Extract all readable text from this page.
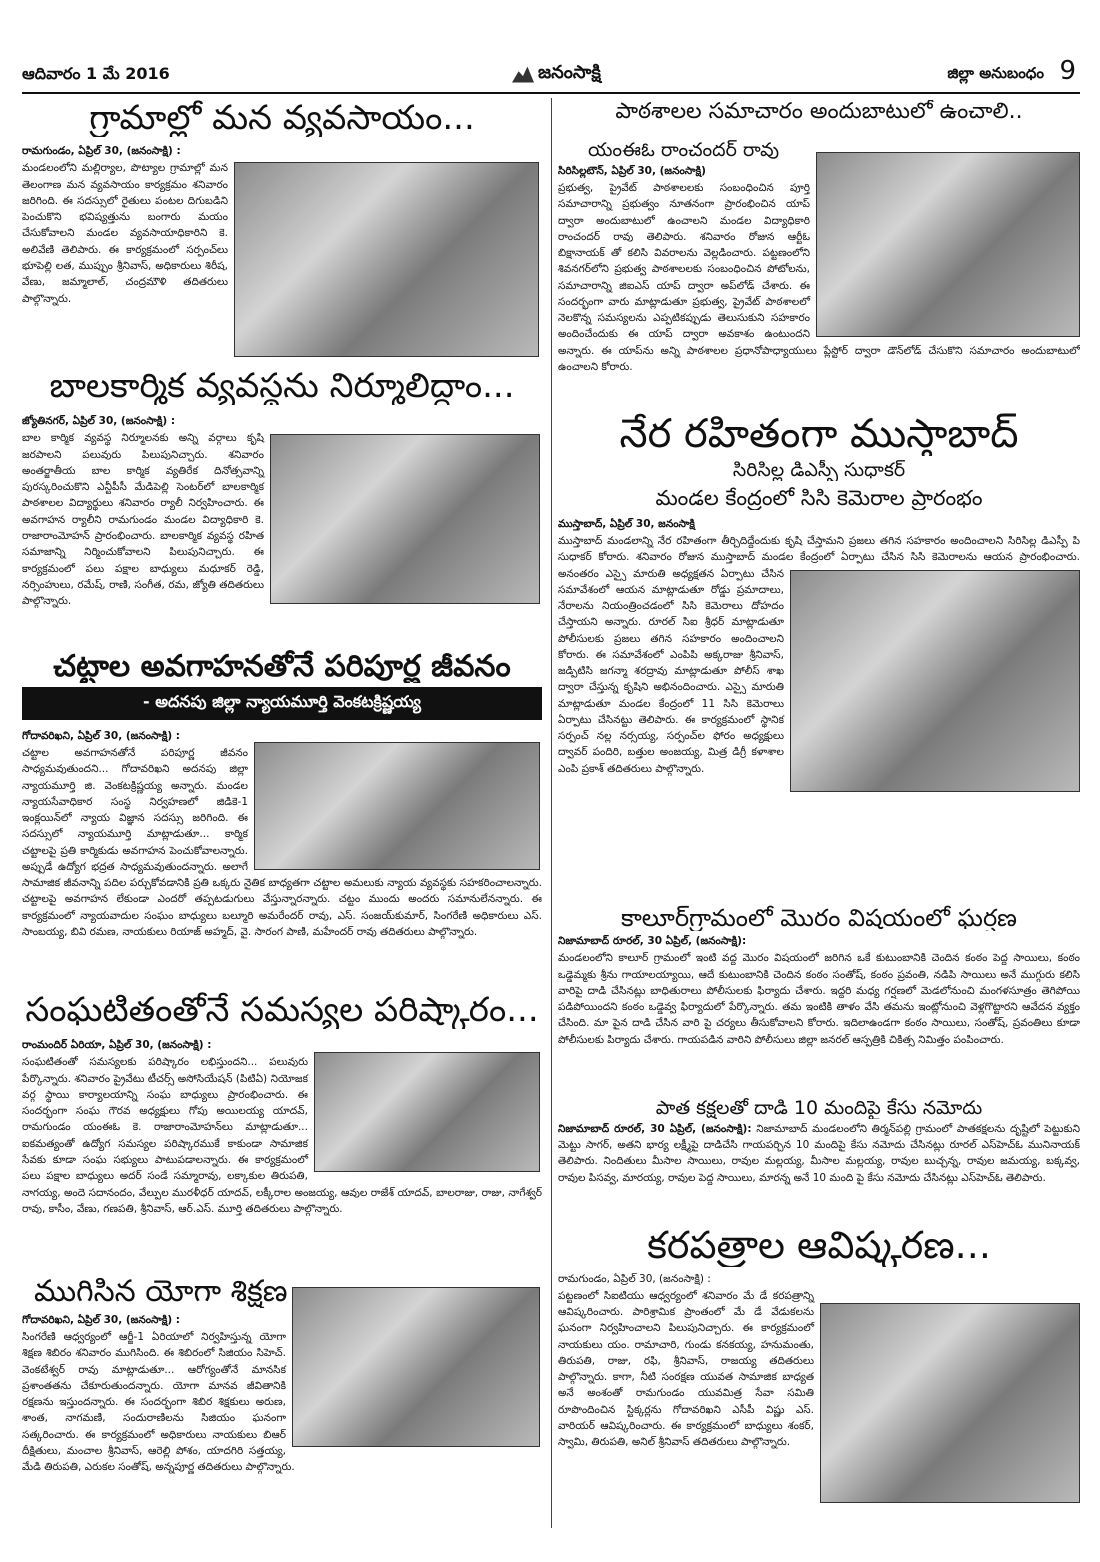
ఆదివారం 1 మే 2016	జనంసాక్షి	జిల్లా అనుబంధం 9
గ్రామాల్లో మన వ్యవసాయం...
రామగుండం, ఏప్రిల్ 30, (జనంసాక్షి) :
మండలంలోని మల్లిర్యాల, పొట్యాల గ్రామాల్లో మన తెలంగాణ మన వ్యవసాయం కార్యక్రమం శనివారం జరిగింది. ఈ సదస్సులో రైతులు పంటల దిగుబడిని పెంచుకొని భవిష్యత్తును బంగారు మయం చేసుకోవాలని మండల వ్యవసాయాధికారిని కె. అలివేణి తెలిపారు. ఈ కార్యక్రమంలో సర్పంచ్‌లు భూపెల్లి లత, ముప్పుం శ్రీనివాస్, అధికారులు శిరీష, వేణు, జమ్మాలాల్, చంద్రమౌళి తదితరులు పాల్గొన్నారు.
బాలకార్మిక వ్యవస్థను నిర్మూలిద్దాం...
జ్యోతినగర్, ఏప్రిల్ 30, (జనంసాక్షి) :
బాల కార్మిక వ్యవస్థ నిర్మూలనకు అన్ని వర్గాలు కృషి జరపాలని పలువురు పిలుపునిచ్చారు. శనివారం అంతర్జాతీయ బాల కార్మిక వ్యతిరేక దినోత్సవాన్ని పురస్కరించుకొని ఎన్టీపీసీ మేడిపెల్లి సెంటర్‌లో బాలకార్మిక పాఠశాలల విద్యార్థులు శనివారం ర్యాలీ నిర్వహించారు. ఈ అవగాహన ర్యాలీని రామగుండం మండల విద్యాధికారి కె. రాజారాంమోహన్ ప్రారంభించారు. బాలకార్మిక వ్యవస్థ రహిత సమాజాన్ని నిర్మించుకోవాలని పిలుపునిచ్చారు. ఈ కార్యక్రమంలో పలు పక్షాల బాధ్యులు మధూకర్ రెడ్డి, నర్సింహులు, రమేష్, రాణి, సంగీత, రమ, జ్యోతి తదితరులు పాల్గొన్నారు.
చట్టాల అవగాహనతోనే పరిపూర్ణ జీవనం
- అదనపు జిల్లా న్యాయమూర్తి వెంకటక్రిష్ణయ్య
గోదావరిఖని, ఏప్రిల్ 30, (జనంసాక్షి) :
చట్టాల అవగాహనతోనే పరిపూర్ణ జీవనం సాధ్యమవుతుందని... గోదావరిఖని అదనపు జిల్లా న్యాయమూర్తి జి. వెంకటక్రిష్ణయ్య అన్నారు. మండల న్యాయసేవాధికార సంస్థ నిర్వహణలో జిడికె-1 ఇంక్లయిన్‌లో న్యాయ విజ్ఞాన సదస్సు జరిగింది. ఈ సదస్సులో న్యాయమూర్తి మాట్లాడుతూ... కార్మిక చట్టాలపై ప్రతి కార్మికుడు అవగాహన పెంచుకోవాలన్నారు. అప్పుడే ఉద్యోగ భద్రత సాధ్యమవుతుందన్నారు. అలాగే సామాజిక జీవనాన్ని పదిల పర్చుకోవడానికి ప్రతి ఒక్కరు నైతిక బాధ్యతగా చట్టాల అమలుకు న్యాయ వ్యవస్థకు సహకరించాలన్నారు. చట్టాలపై అవగాహన లేకుండా ఎందరో తప్పటడుగులు వేస్తున్నారన్నారు. చట్టం ముందు అందరు సమానులేనన్నారు. ఈ కార్యక్రమంలో న్యాయవాదుల సంఘం బాధ్యులు బల్మూరి అమరేందర్ రావు, ఎస్. సంజయ్‌కుమార్, సింగరేణి అధికారులు ఎస్. సాంబయ్య, బివి రమణ, నాయకులు రియాజ్ అహ్మద్, వై. సారంగ పాణి, మహేందర్ రావు తదితరులు పాల్గొన్నారు.
సంఘటితంతోనే సమస్యల పరిష్కారం...
రాంమందిర్ ఏరియా, ఏప్రిల్ 30, (జనంసాక్షి) :
సంఘటితంతో సమస్యలకు పరిష్కారం లభిస్తుందని... పలువురు పేర్కొన్నారు. శనివారం ప్రైవేటు టీచర్స్ అసోసియేషన్ (పిటిఏ) నియోజక వర్గ స్థాయి కార్యాలయాన్ని సంఘ బాధ్యులు ప్రారంభించారు. ఈ సందర్భంగా సంఘ గౌరవ అధ్యక్షులు గోపు అయిలయ్య యాదవ్, రామగుండం యంఈఓ కె. రాజారాంమోహన్‌లు మాట్లాడుతూ... ఐకమత్యంతో ఉద్యోగ సమస్యల పరిష్కారముకే కాకుండా సామాజిక సేవకు కూడా సంఘ సభ్యులు పాటుపడాలన్నారు. ఈ కార్యక్రమంలో పలు పక్షాల బాధ్యులు అదర్ సండే సమ్మారావు, లక్కాకుల తిరుపతి, నాగయ్య, అందె సదానందం, వేల్పుల మురళీధర్ యాదవ్, లక్కీరాల అంజయ్య, ఆవుల రాజేశ్ యాదవ్, బాలరాజు, రాజు, నాగేశ్వర్ రావు, కాసీం, వేణు, గణపతి, శ్రీనివాస్, ఆర్.ఎస్. మూర్తి తదితరులు పాల్గొన్నారు.
ముగిసిన యోగా శిక్షణ
గోదావరిఖని, ఏప్రిల్ 30, (జనంసాక్షి) :
సింగరేణి ఆధ్వర్యంలో ఆర్జీ-1 ఏరియాలో నిర్వహిస్తున్న యోగా శిక్షణ శిబిరం శనివారం ముగిసింది. ఈ శిబిరంలో సిజియం సిహెచ్. వెంకటేశ్వర్ రావు మాట్లాడుతూ... ఆరోగ్యంతోనే మానసిక ప్రశాంతతను చేకూరుతుందన్నారు. యోగా మానవ జీవితానికి రక్షణను ఇస్తుందన్నారు. ఈ సందర్భంగా శిబిర శిక్షకులు అరుణ, శాంత, నాగమణి, సందురాణిలను సిజియం ఘనంగా సత్కరించారు. ఈ కార్యక్రమంలో అధికారులు నాయకులు బిఆర్ దీక్షితులు, మంచాల శ్రీనివాస్, ఆరెల్లి పోశం, యాదగిరి సత్తయ్య, మేడి తిరుపతి, ఎరుకల సంతోష్, అన్నపూర్ణ తదితరులు పాల్గొన్నారు.
పాఠశాలల సమాచారం అందుబాటులో ఉంచాలి..
యంఈఓ రాంచందర్ రావు
సిరిసిల్లటౌన్, ఏప్రిల్ 30, (జనంసాక్షి)
ప్రభుత్వ, ప్రైవేట్ పాఠశాలలకు సంబంధించిన పూర్తి సమాచారాన్ని ప్రభుత్వం నూతనంగా ప్రారంభించిన యాప్ ద్వారా అందుబాటులో ఉంచాలని మండల విద్యాధికారి రాంచందర్ రావు తెలిపారు. శనివారం రోజున ఆర్టీఓ బిక్షానాయక్ తో కలిసి వివరాలను వెల్లడించారు. పట్టణంలోని శివనగర్‌లోని ప్రభుత్వ పాఠశాలలకు సంబంధించిన పోటోలను, సమాచారాన్ని జిఐఎస్ యాప్ ద్వారా అప్‌లోడ్ చేశారు. ఈ సందర్భంగా వారు మాట్లాడుతూ ప్రభుత్వ, ప్రైవేట్ పాఠశాలలో నెలకొన్న సమస్యలను ఎప్పటికప్పుడు తెలుసుకుని సహకారం అందించేందుకు ఈ యాప్ ద్వారా అవకాశం ఉంటుందని అన్నారు. ఈ యాప్‌ను అన్ని పాఠశాలల ప్రధానోపాధ్యాయులు ప్లేస్టోర్ ద్వారా డౌన్‌లోడ్ చేసుకొని సమాచారం అందుబాటులో ఉంచాలని కోరారు.
నేర రహితంగా ముస్తాబాద్
సిరిసిల్ల డిఎస్పీ సుధాకర్
మండల కేంద్రంలో సిసి కెమెరాల ప్రారంభం
ముస్తాబాద్, ఏప్రిల్ 30, జనంసాక్షి
ముస్తాబాద్ మండలాన్ని నేర రహితంగా తీర్చిదిద్దేందుకు కృషి చేస్తామని ప్రజలు తగిన సహకారం అందించాలని సిరిసిల్ల డిఎస్పీ పి సుధాకర్ కోరారు. శనివారం రోజున ముస్తాబాద్ మండల కేంద్రంలో ఏర్పాటు చేసిన సిసి కెమెరాలను ఆయన ప్రారంభించారు. అనంతరం ఎస్సై మారుతి అధ్యక్షతన ఏర్పాటు చేసిన సమావేశంలో ఆయన మాట్లాడుతూ రోడ్డు ప్రమాదాలు, నేరాలను నియంత్రించడంలో సిసి కెమెరాలు దోహదం చేస్తాయని అన్నారు. రూరల్ సిఐ శ్రీధర్ మాట్లాడుతూ పోలీసులకు ప్రజలు తగిన సహకారం అందించాలని కోరారు. ఈ సమావేశంలో ఎంపిపి అక్కరాజు శ్రీనివాస్, జడ్పిటిసి జగన్మా శరద్రావు మాట్లాడుతూ పోలీస్ శాఖ ద్వారా చేస్తున్న కృషిని అభినందించారు. ఎస్సై మారుతి మాట్లాడుతూ మండల కేంద్రంలో 11 సిసి కెమెరాలు ఏర్పాటు చేసినట్టు తెలిపారు. ఈ కార్యక్రమంలో స్థానిక సర్పంచ్ నల్ల నర్సయ్య, సర్పంచ్‌ల ఫోరం అధ్యక్షులు ద్వావర్ పందిరి, బత్తుల అంజయ్య, మిత్ర డిగ్రీ కళాశాల ఎంపి ప్రకాశ్ తదితరులు పాల్గొన్నారు.
కాలూర్‌గ్రామంలో మొరం విషయంలో ఘర్షణ
నిజామాబాద్ రూరల్, 30 ఏప్రిల్, (జనంసాక్షి):
మండలంలోని కాలూర్ గ్రామంలో ఇంటి వద్ద మొరం విషయంలో జరిగిన ఒకే కుటుంబానికి చెందిన కంఠం పెద్ద సాయిలు, కంఠం ఒడ్డెమ్మకు శ్రీను గాయాలయ్యాయి, ఆదే కుటుంబానికి చెందిన కంఠం సంతోష్, కంఠం ప్రవంతి, నడిపి సాయిలు అనే ముగ్గురు కలిసి వారిపై దాడి చేసినట్లు బాధితురాలు పోలీసులకు ఫిర్యాదు చేశారు. ఇద్దరి మధ్య గర్షణలో మెడలోనుంచి మంగళసూత్రం తెగిపోయి పడిపోయిందని కంఠం ఒడ్డెవ్వ ఫిర్యాదులో పేర్కొన్నారు. తమ ఇంటికి తాళం వేసి తమను ఇంట్లోనుంచి వెళ్లగొట్టారని ఆవేదన వ్యక్తం చేసింది. మా పైన దాడి చేసిన వారి పై చర్యలు తీసుకోవాలని కోరారు. ఇదిలాఉండగా కంఠం సాయిలు, సంతోష్, ప్రవంతిలు కూడా పోలీసులకు పిర్యాదు చేశారు. గాయపడిన వారిని పోలీసులు జిల్లా జనరల్ ఆస్పత్రికి చికిత్స నిమిత్తం పంపించారు.
పాత కక్షలతో దాడి 10 మందిపై కేసు నమోదు
నిజామాబాద్ రూరల్, 30 ఏప్రిల్, (జనంసాక్షి): నిజామాబాద్ మండలంలోని తిర్మన్‌పల్లి గ్రామంలో పాతకక్షలను దృష్టిలో పెట్టుకుని మెట్టు సాగర్, అతని భార్య లక్ష్మీపై దాడిచేసి గాయపర్చిన 10 మందిపై కేసు నమోదు చేసినట్లు రూరల్ ఎస్‌హెచ్‌ఓ మునినాయక్ తెలిపారు. నిందితులు మీసాల సాయిలు, రావుల మల్లయ్య, మీసాల మల్లయ్య, రావుల బుచ్చన్న, రావుల జమయ్య, బక్కవ్వ, రావుల పిసవ్వ, మారయ్య, రావుల పెద్ద సాయిలు, మారన్న అనే 10 మంది పై కేసు నమోదు చేసినట్లు ఎస్‌హెచ్‌ఓ తెలిపారు.
కరపత్రాల ఆవిష్కరణ...
రామగుండం, ఏప్రిల్ 30, (జనంసాక్షి) :
పట్టణంలో సిఐటియు ఆధ్వర్యంలో శనివారం మే డే కరపత్రాన్ని ఆవిష్కరించారు. పారిశ్రామిక ప్రాంతంలో మే డే వేడుకలను ఘనంగా నిర్వహించాలని పిలుపునిచ్చారు. ఈ కార్యక్రమంలో నాయకులు యం. రామాచారి, గుండు కనకయ్య, హనుమంతు, తిరుపతి, రాజు, రఫి, శ్రీనివాస్, రాజయ్య తదితరులు పాల్గొన్నారు. కాగా, నీటి సంరక్షణ యువత సామాజిక బాధ్యత అనే అంశంతో రామగుండం యువమిత్ర సేవా సమితి రూపొందించిన స్టిక్కర్లను గోదావరిఖని ఎసీపీ విష్ణు ఎస్. వారియర్ ఆవిష్కరించారు. ఈ కార్యక్రమంలో బాధ్యులు శంకర్, స్వామి, తిరుపతి, అనిల్ శ్రీనివాస్ తదితరులు పాల్గొన్నారు.
